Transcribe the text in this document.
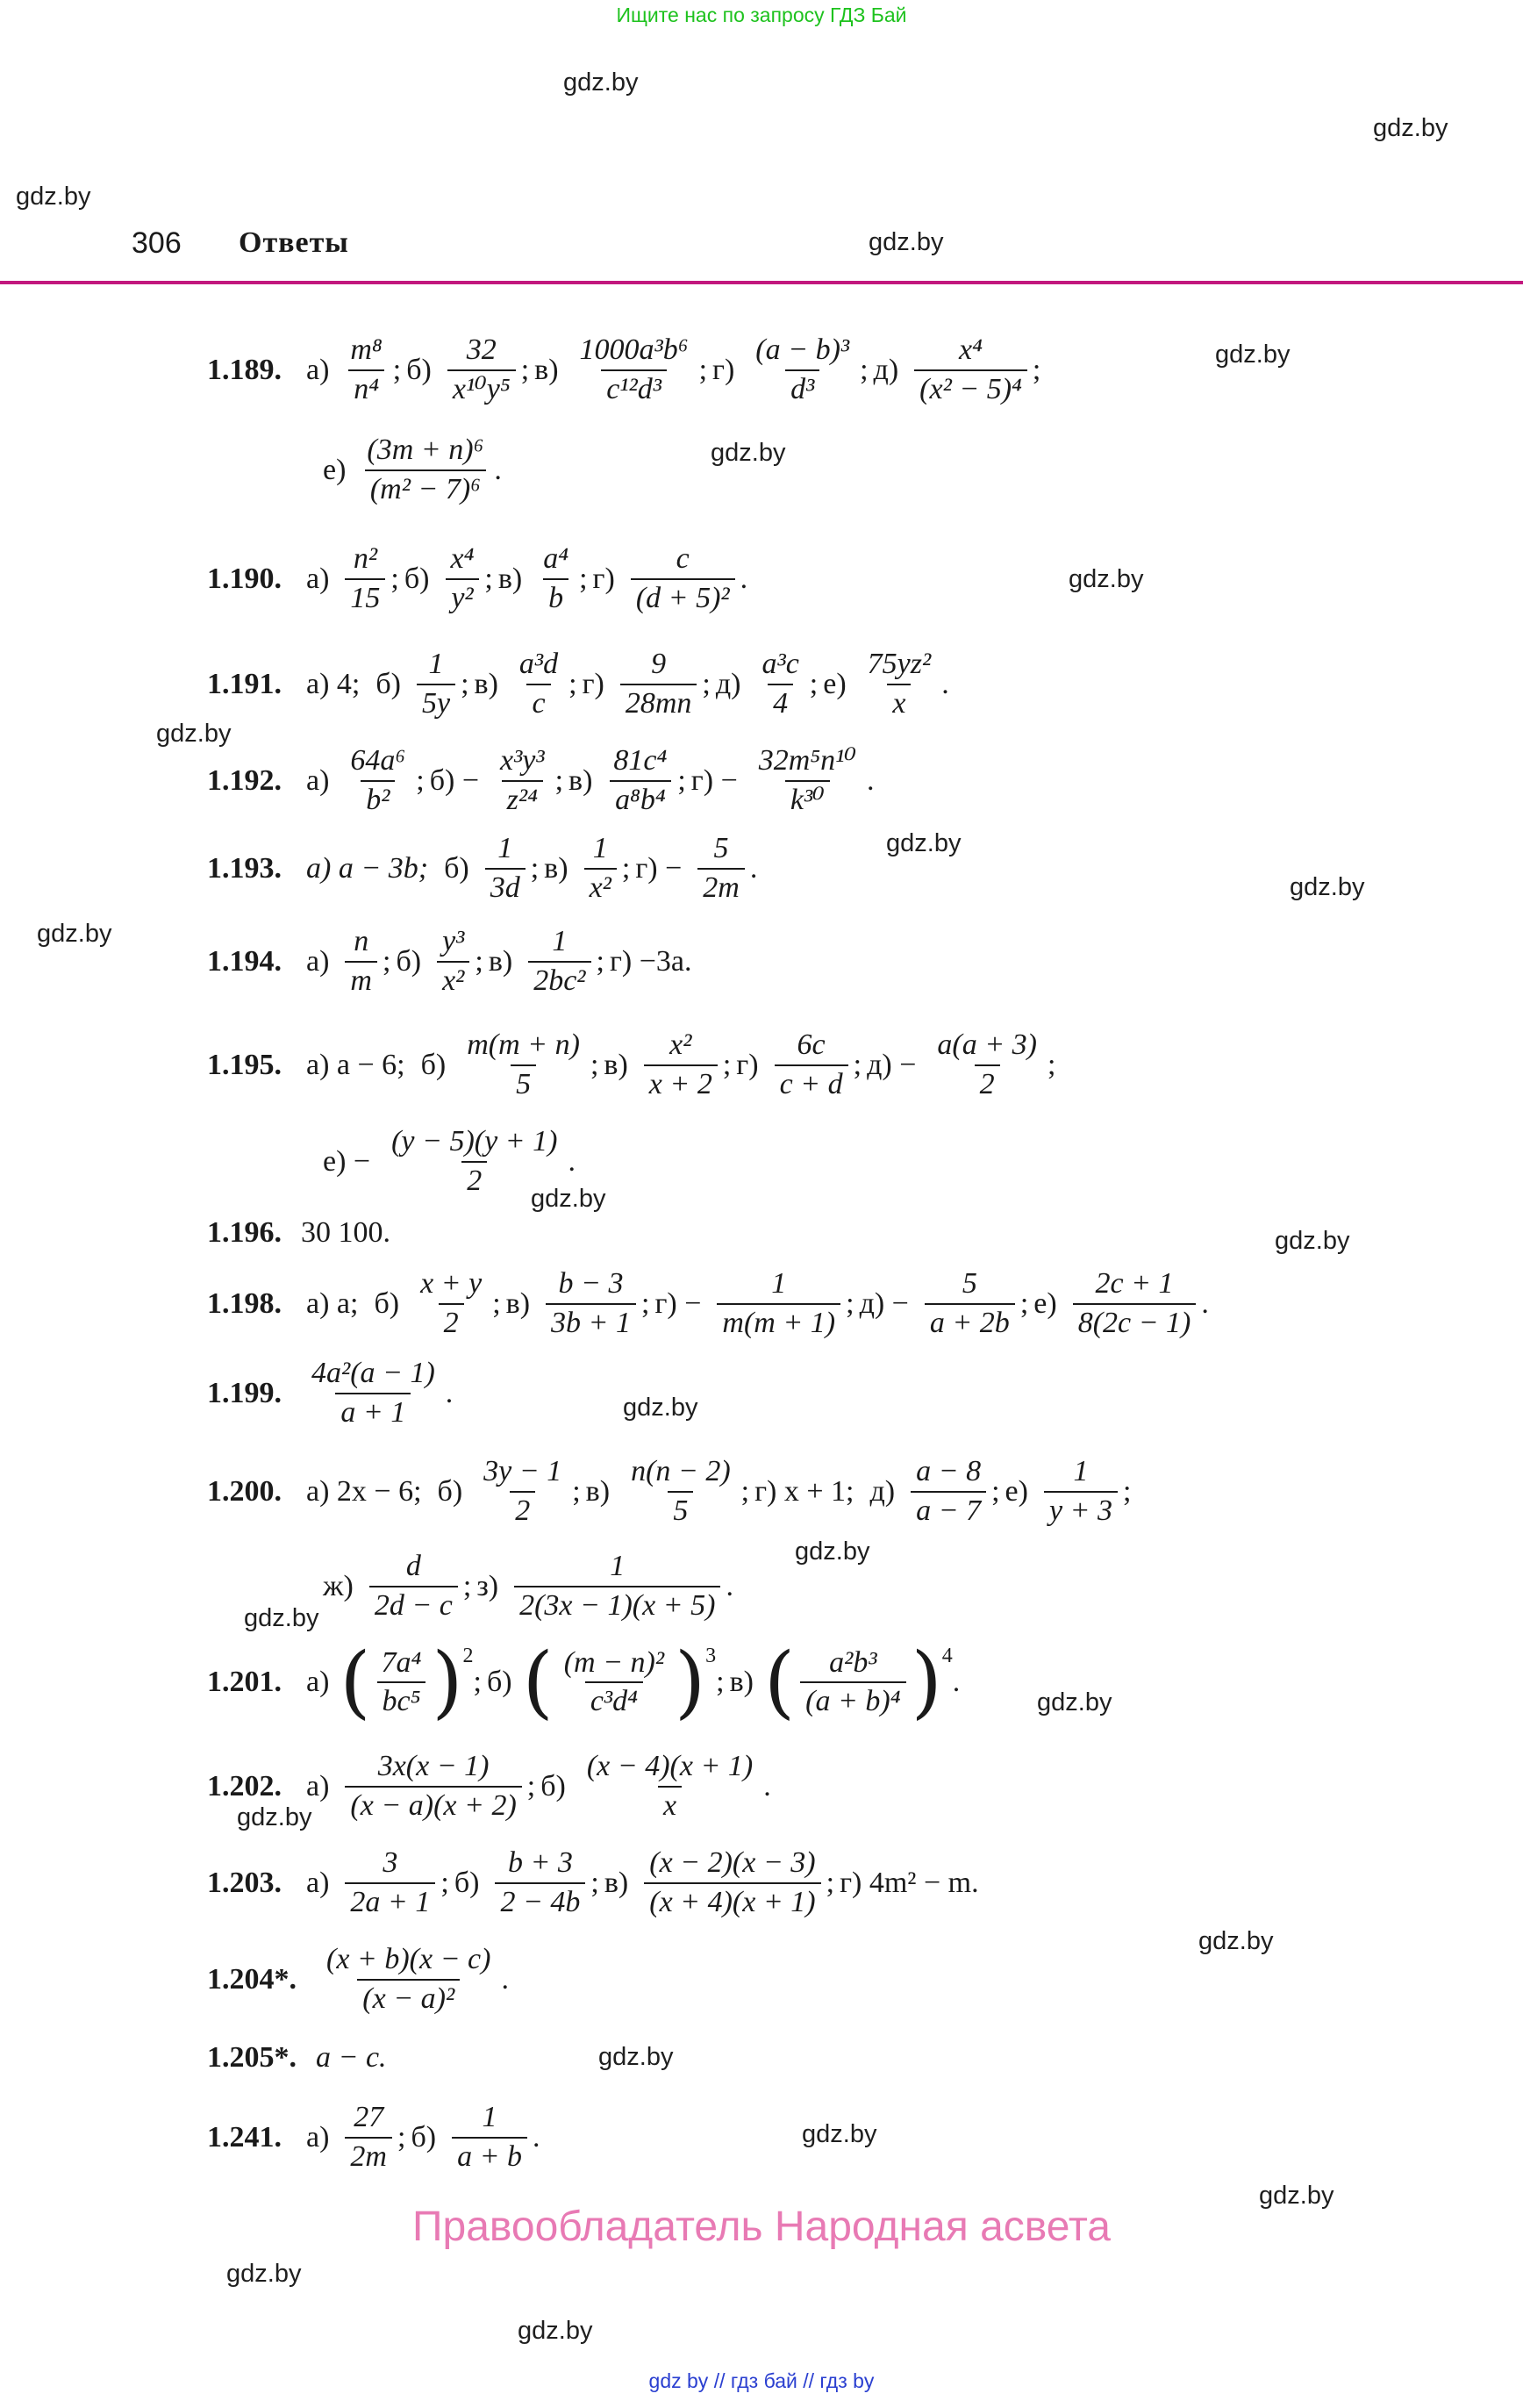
Ищите нас по запросу ГДЗ Бай
gdz.by
gdz.by
gdz.by
gdz.by
gdz.by
gdz.by
gdz.by
gdz.by
gdz.by
gdz.by
gdz.by
gdz.by
gdz.by
gdz.by
gdz.by
gdz.by
gdz.by
gdz.by
gdz.by
gdz.by
gdz.by
gdz.by
gdz.by
gdz.by
306 Ответы
1.189. $а) \frac{\text{m⁸}}{\text{n⁴}}$ ; $б) \frac{32}{\text{x¹⁰y⁵}}$ ; $в) \frac{\text{1000a³b⁶}}{\text{c¹²d³}}$ ; $г) \frac{\text{(a − b)³}}{\text{d³}}$ ; $д) \frac{\text{x⁴}}{\text{(x² − 5)⁴}}$ ;
$е) \frac{\text{(3m + n)⁶}}{\text{(m² − 7)⁶}}$ .
1.190. $а) \frac{\text{n²}}{15}$ ; $б) \frac{\text{x⁴}}{\text{y²}}$ ; $в) \frac{\text{a⁴}}{b}$ ; $г) \frac{c}{\text{(d + 5)²}}$ .
1.191. а) 4; $б) \frac{1}{5y}$ ; $в) \frac{\text{a³d}}{c}$ ; $г) \frac{9}{28mn}$ ; $д) \frac{\text{a³c}}{4}$ ; $е) \frac{\text{75yz²}}{x}$ .
1.192. $а) \frac{\text{64a⁶}}{\text{b²}}$ ; $б) - \frac{\text{x³y³}}{\text{z²⁴}}$ ; $в) \frac{\text{81c⁴}}{\text{a⁸b⁴}}$ ; $г) - \frac{\text{32m⁵n¹⁰}}{\text{k³⁰}}$ .
1.193. а) a − 3b; $б) \frac{1}{3d}$ ; $в) \frac{1}{\text{x²}}$ ; $г) - \frac{5}{2m}$ .
1.194. $а) \frac{n}{m}$ ; $б) \frac{\text{y³}}{\text{x²}}$ ; $в) \frac{1}{\text{2bc²}}$ ; г) −3a.
1.195. а) a − 6; $б) \frac{m(m + n)}{5}$ ; $в) \frac{\text{x²}}{x + 2}$ ; $г) \frac{6c}{c + d}$ ; $д) - \frac{a(a + 3)}{2}$ ;
$е) - \frac{(y - 5)(y + 1)}{2}$ .
1.196. 30 100.
1.198. а) a; $б) \frac{x + y}{2}$ ; $в) \frac{b - 3}{3b + 1}$ ; $г) - \frac{1}{m(m + 1)}$ ; $д) - \frac{5}{a + 2b}$ ; $е) \frac{2c + 1}{8(2c - 1)}$ .
1.199. $\frac{\text{4a²(a − 1)}}{a + 1}$ .
1.200. а) 2x − 6; $б) \frac{3y - 1}{2}$ ; $в) \frac{n(n - 2)}{5}$ ; г) x + 1; $д) \frac{a - 8}{a - 7}$ ; $е) \frac{1}{y + 3}$ ;
$ж) \frac{d}{2d - c}$ ; $з) \frac{1}{2(3x - 1)(x + 5)}$ .
1.201. а) ( $\frac{\text{7a⁴}}{\text{bc⁵}}$ ) 2
; б) ( $\frac{\text{(m − n)²}}{\text{c³d⁴}}$ ) 3
; в) ( $\frac{\text{a²b³}}{\text{(a + b)⁴}}$ ) 4
.
1.202. $а) \frac{3x(x - 1)}{(x - a)(x + 2)}$ ; $б) \frac{(x - 4)(x + 1)}{x}$ .
1.203. $а) \frac{3}{2a + 1}$ ; $б) \frac{b + 3}{2 - 4b}$ ; $в) \frac{(x - 2)(x - 3)}{(x + 4)(x + 1)}$ ; г) 4m² − m.
1.204*. $\frac{(x + b)(x - c)}{\text{(x − a)²}}$ .
1.205*. a − c.
1.241. $а) \frac{27}{2m}$ ; $б) \frac{1}{a + b}$ .
Правообладатель Народная асвета
gdz by // гдз бай // гдз by
